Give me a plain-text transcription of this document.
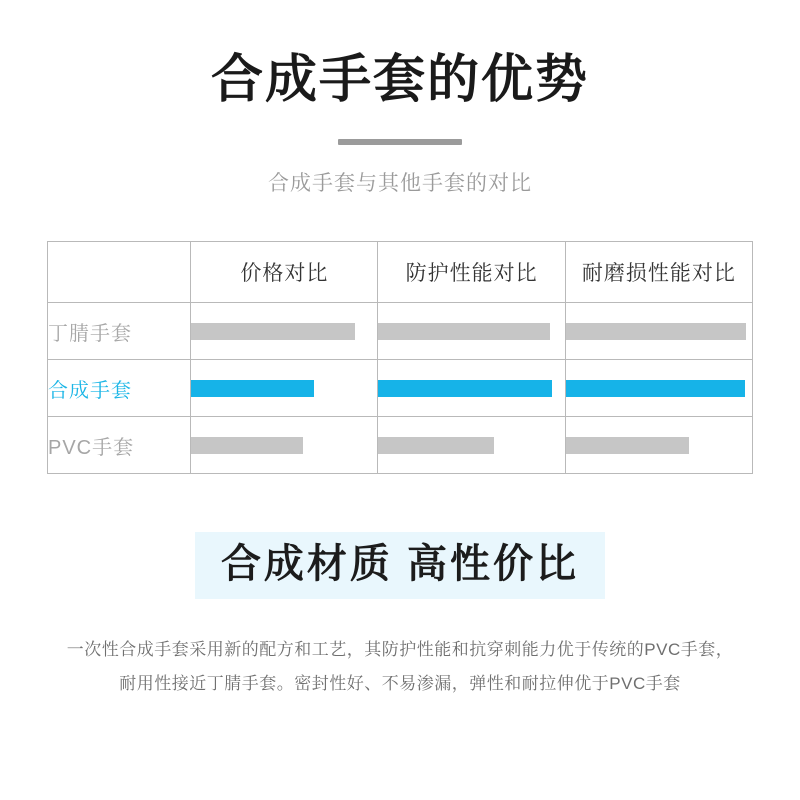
合成手套的优势
合成手套与其他手套的对比
	价格对比	防护性能对比	耐磨损性能对比
丁腈手套	

合成手套	

PVC手套	

合成材质 高性价比
一次性合成手套采用新的配方和工艺，其防护性能和抗穿刺能力优于传统的PVC手套，
耐用性接近丁腈手套。密封性好、不易渗漏，弹性和耐拉伸优于PVC手套
